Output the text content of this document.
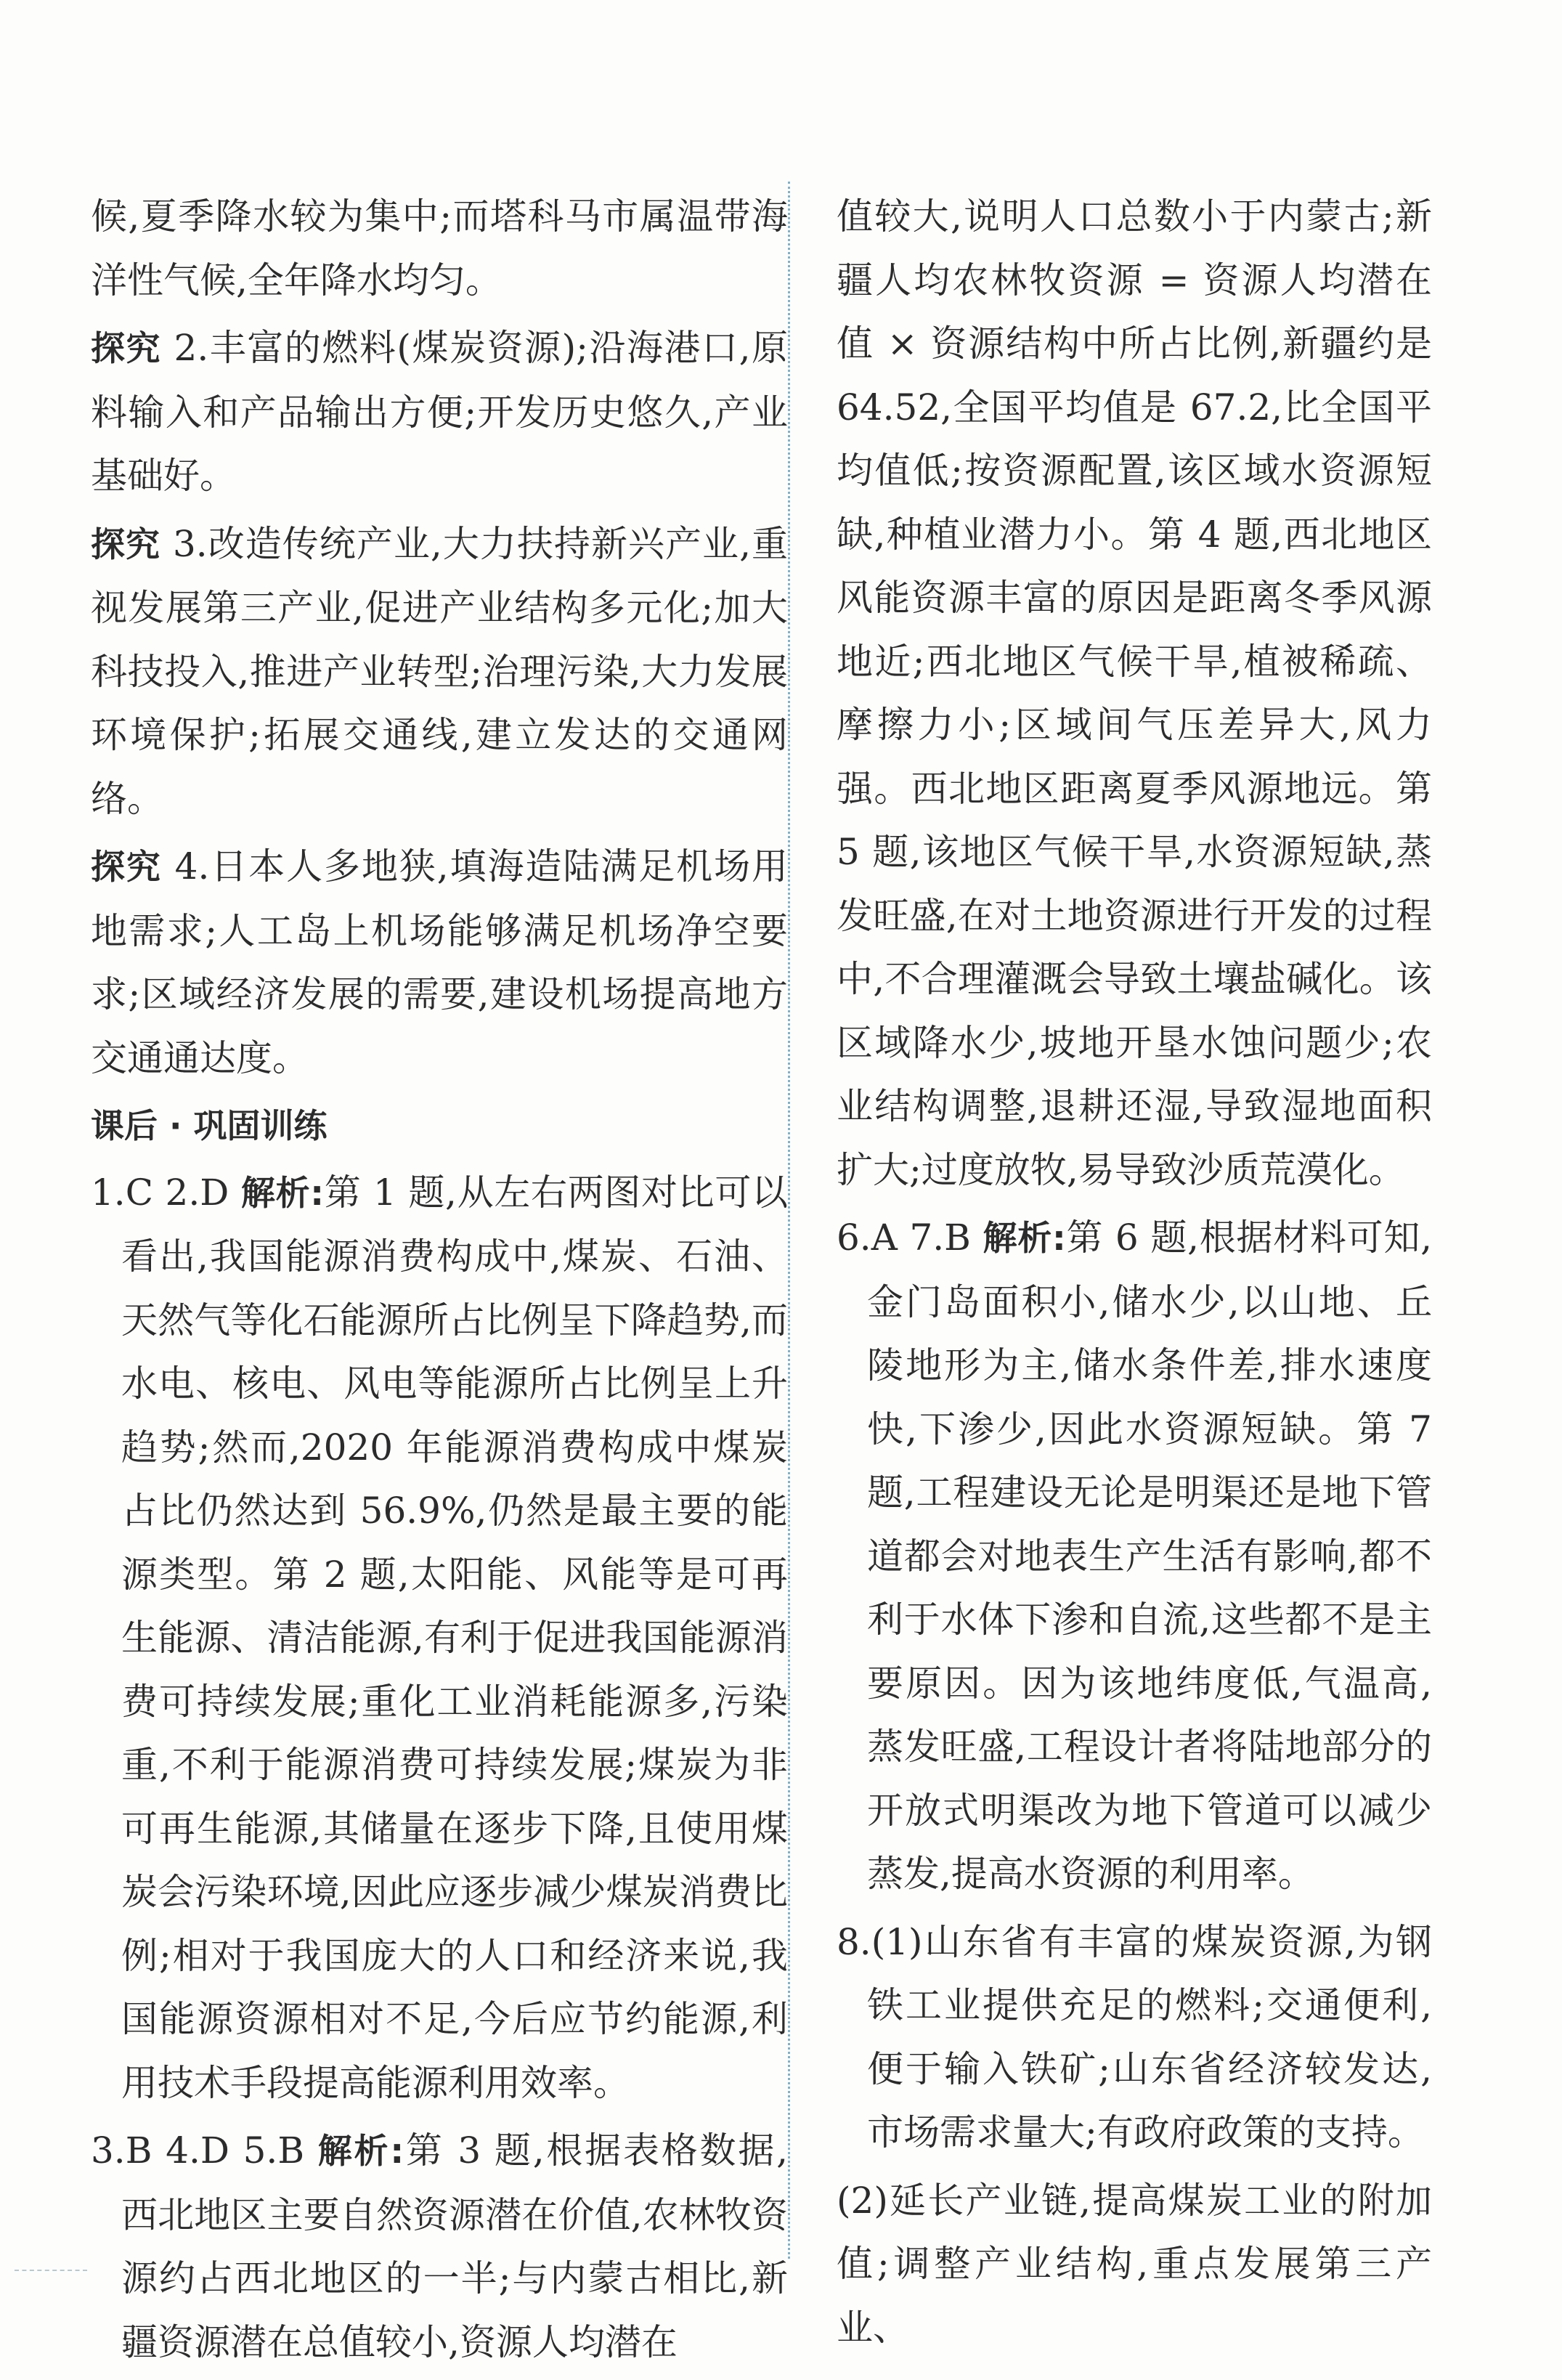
候,夏季降水较为集中;而塔科马市属温带海洋性气候,全年降水均匀。

探究 2.丰富的燃料(煤炭资源);沿海港口,原料输入和产品输出方便;开发历史悠久,产业基础好。

探究 3.改造传统产业,大力扶持新兴产业,重视发展第三产业,促进产业结构多元化;加大科技投入,推进产业转型;治理污染,大力发展环境保护;拓展交通线,建立发达的交通网络。

探究 4.日本人多地狭,填海造陆满足机场用地需求;人工岛上机场能够满足机场净空要求;区域经济发展的需要,建设机场提高地方交通通达度。

课后 · 巩固训练

1.C 2.D 解析:第 1 题,从左右两图对比可以看出,我国能源消费构成中,煤炭、石油、天然气等化石能源所占比例呈下降趋势,而水电、核电、风电等能源所占比例呈上升趋势;然而,2020 年能源消费构成中煤炭占比仍然达到 56.9%,仍然是最主要的能源类型。第 2 题,太阳能、风能等是可再生能源、清洁能源,有利于促进我国能源消费可持续发展;重化工业消耗能源多,污染重,不利于能源消费可持续发展;煤炭为非可再生能源,其储量在逐步下降,且使用煤炭会污染环境,因此应逐步减少煤炭消费比例;相对于我国庞大的人口和经济来说,我国能源资源相对不足,今后应节约能源,利用技术手段提高能源利用效率。

3.B 4.D 5.B 解析:第 3 题,根据表格数据,西北地区主要自然资源潜在价值,农林牧资源约占西北地区的一半;与内蒙古相比,新疆资源潜在总值较小,资源人均潜在

值较大,说明人口总数小于内蒙古;新疆人均农林牧资源 = 资源人均潜在值 × 资源结构中所占比例,新疆约是 64.52,全国平均值是 67.2,比全国平均值低;按资源配置,该区域水资源短缺,种植业潜力小。第 4 题,西北地区风能资源丰富的原因是距离冬季风源地近;西北地区气候干旱,植被稀疏、摩擦力小;区域间气压差异大,风力强。西北地区距离夏季风源地远。第 5 题,该地区气候干旱,水资源短缺,蒸发旺盛,在对土地资源进行开发的过程中,不合理灌溉会导致土壤盐碱化。该区域降水少,坡地开垦水蚀问题少;农业结构调整,退耕还湿,导致湿地面积扩大;过度放牧,易导致沙质荒漠化。

6.A 7.B 解析:第 6 题,根据材料可知,金门岛面积小,储水少,以山地、丘陵地形为主,储水条件差,排水速度快,下渗少,因此水资源短缺。第 7 题,工程建设无论是明渠还是地下管道都会对地表生产生活有影响,都不利于水体下渗和自流,这些都不是主要原因。因为该地纬度低,气温高,蒸发旺盛,工程设计者将陆地部分的开放式明渠改为地下管道可以减少蒸发,提高水资源的利用率。

8.(1)山东省有丰富的煤炭资源,为钢铁工业提供充足的燃料;交通便利,便于输入铁矿;山东省经济较发达,市场需求量大;有政府政策的支持。

(2)延长产业链,提高煤炭工业的附加值;调整产业结构,重点发展第三产业、
